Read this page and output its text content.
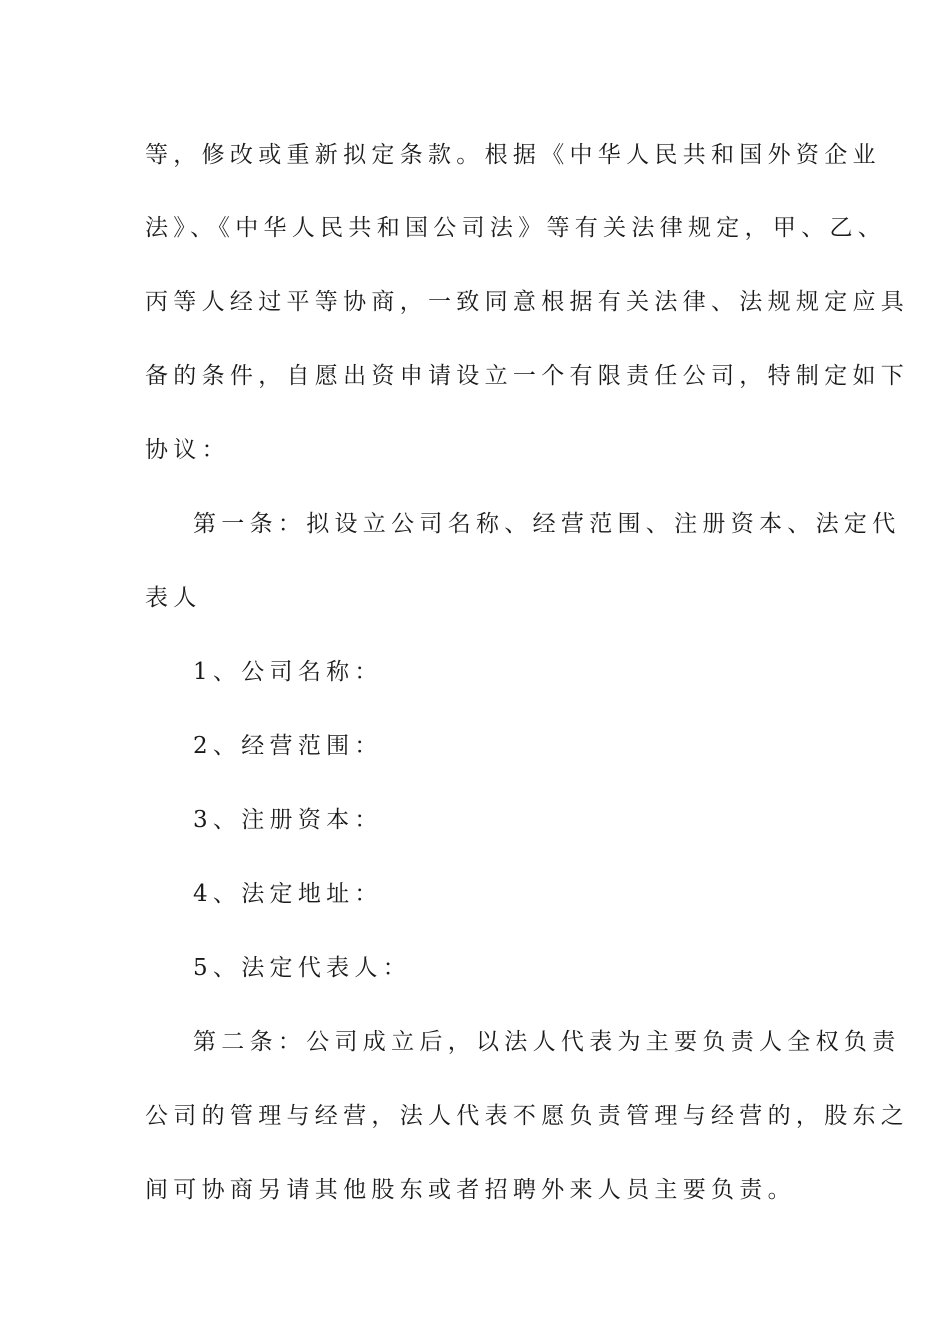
等，修改或重新拟定条款。根据《中华人民共和国外资企业
法》、《中华人民共和国公司法》等有关法律规定，甲、乙、
丙等人经过平等协商，一致同意根据有关法律、法规规定应具
备的条件，自愿出资申请设立一个有限责任公司，特制定如下
协议：
第一条：拟设立公司名称、经营范围、注册资本、法定代
表人
1、公司名称：
2、经营范围：
3、注册资本：
4、法定地址：
5、法定代表人：
第二条：公司成立后，以法人代表为主要负责人全权负责
公司的管理与经营，法人代表不愿负责管理与经营的，股东之
间可协商另请其他股东或者招聘外来人员主要负责。
